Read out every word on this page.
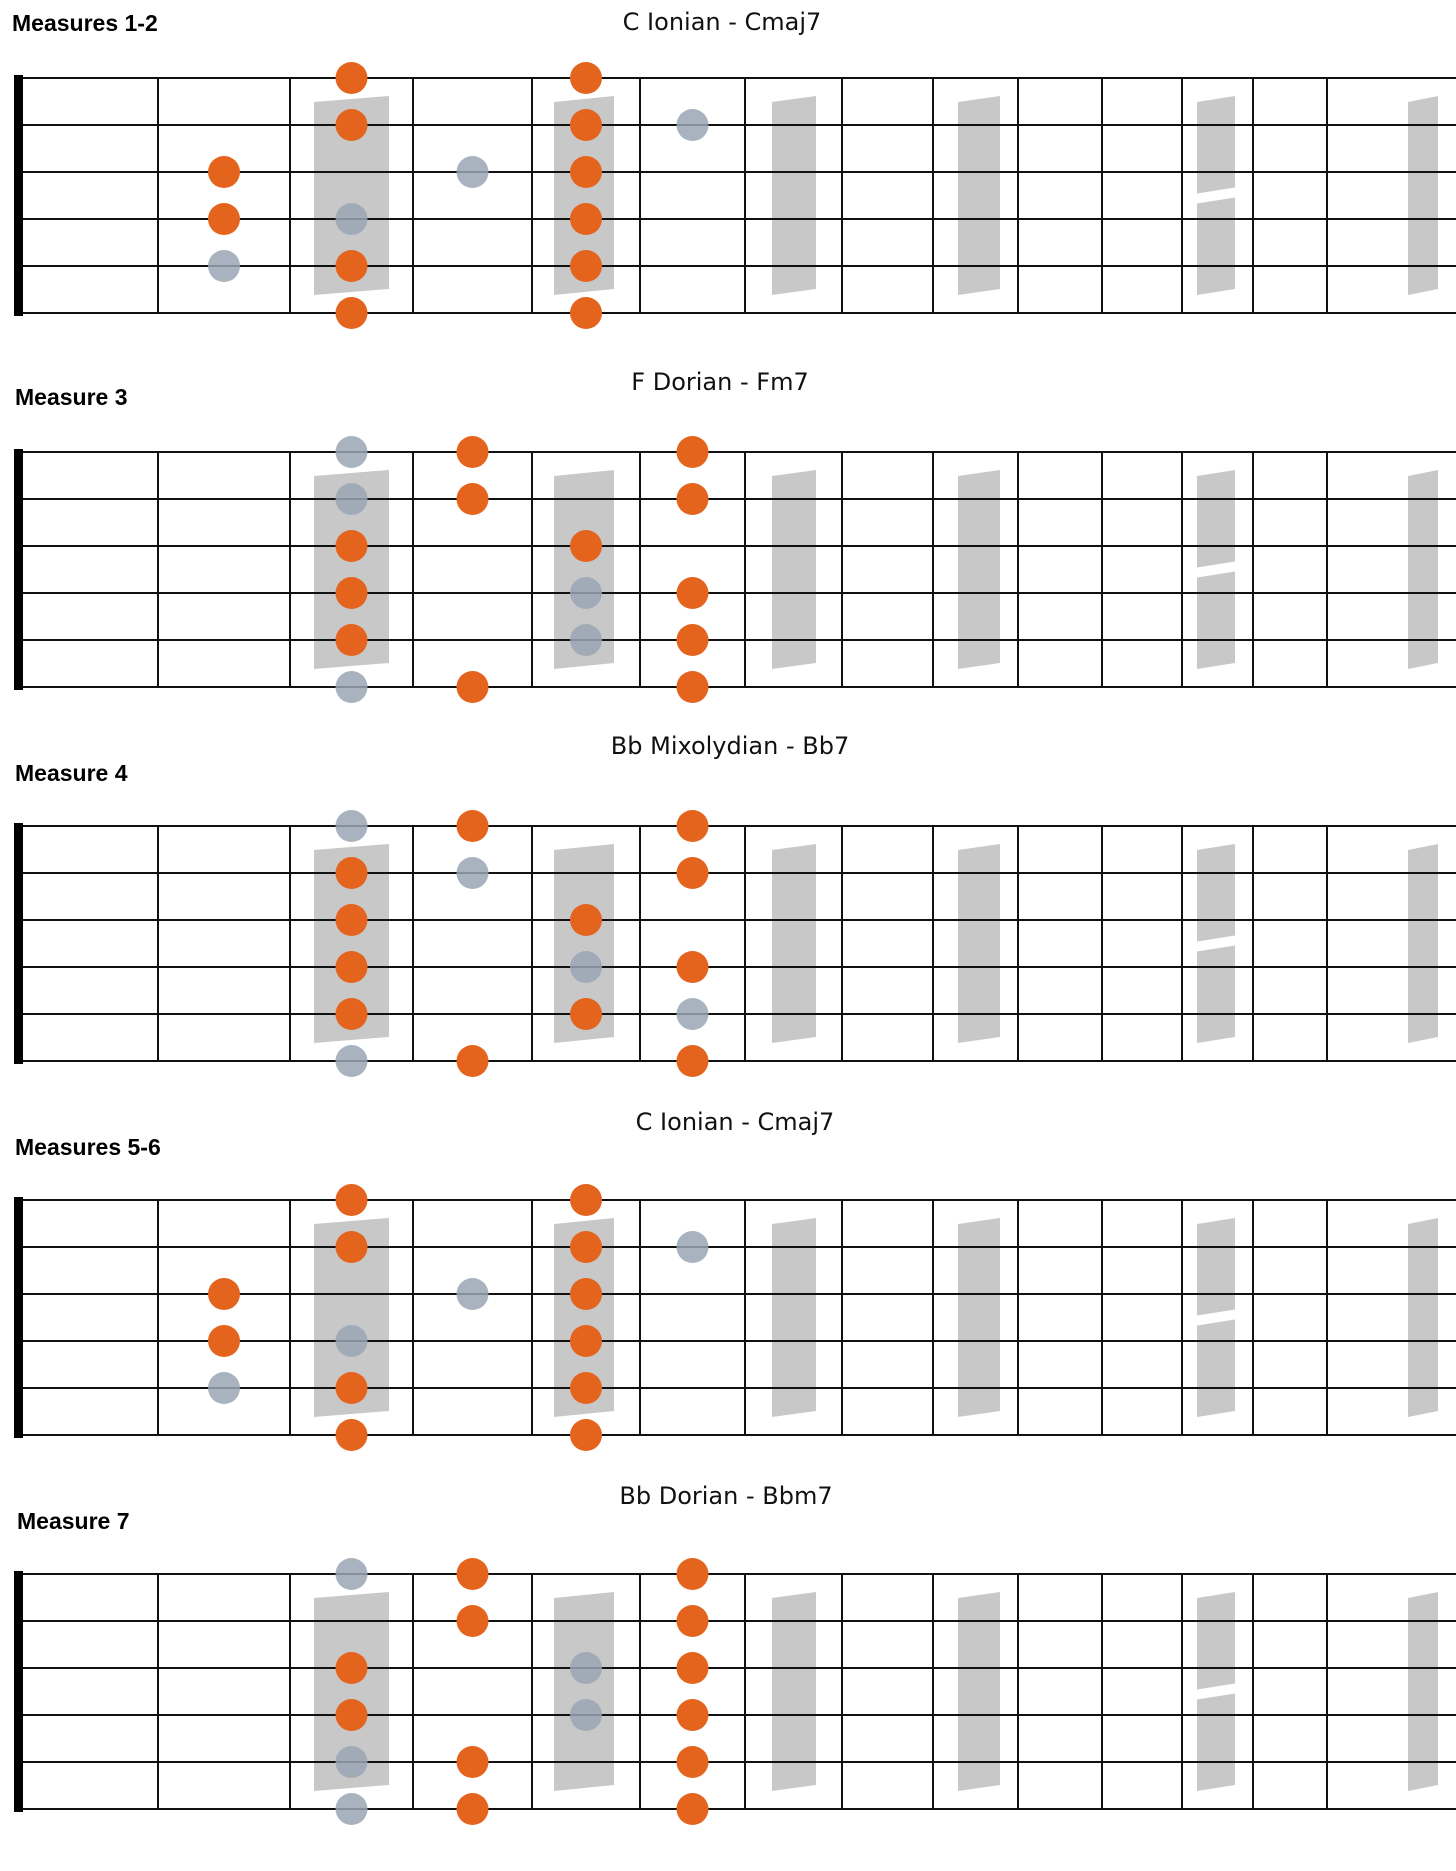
Measures 1-2	C Ionian - Cmaj7
Measure 3
F Dorian - Fm7
Measure 4
Bb Mixolydian - Bb7
Measures 5-6
C Ionian - Cmaj7
Measure 7
Bb Dorian - Bbm7
